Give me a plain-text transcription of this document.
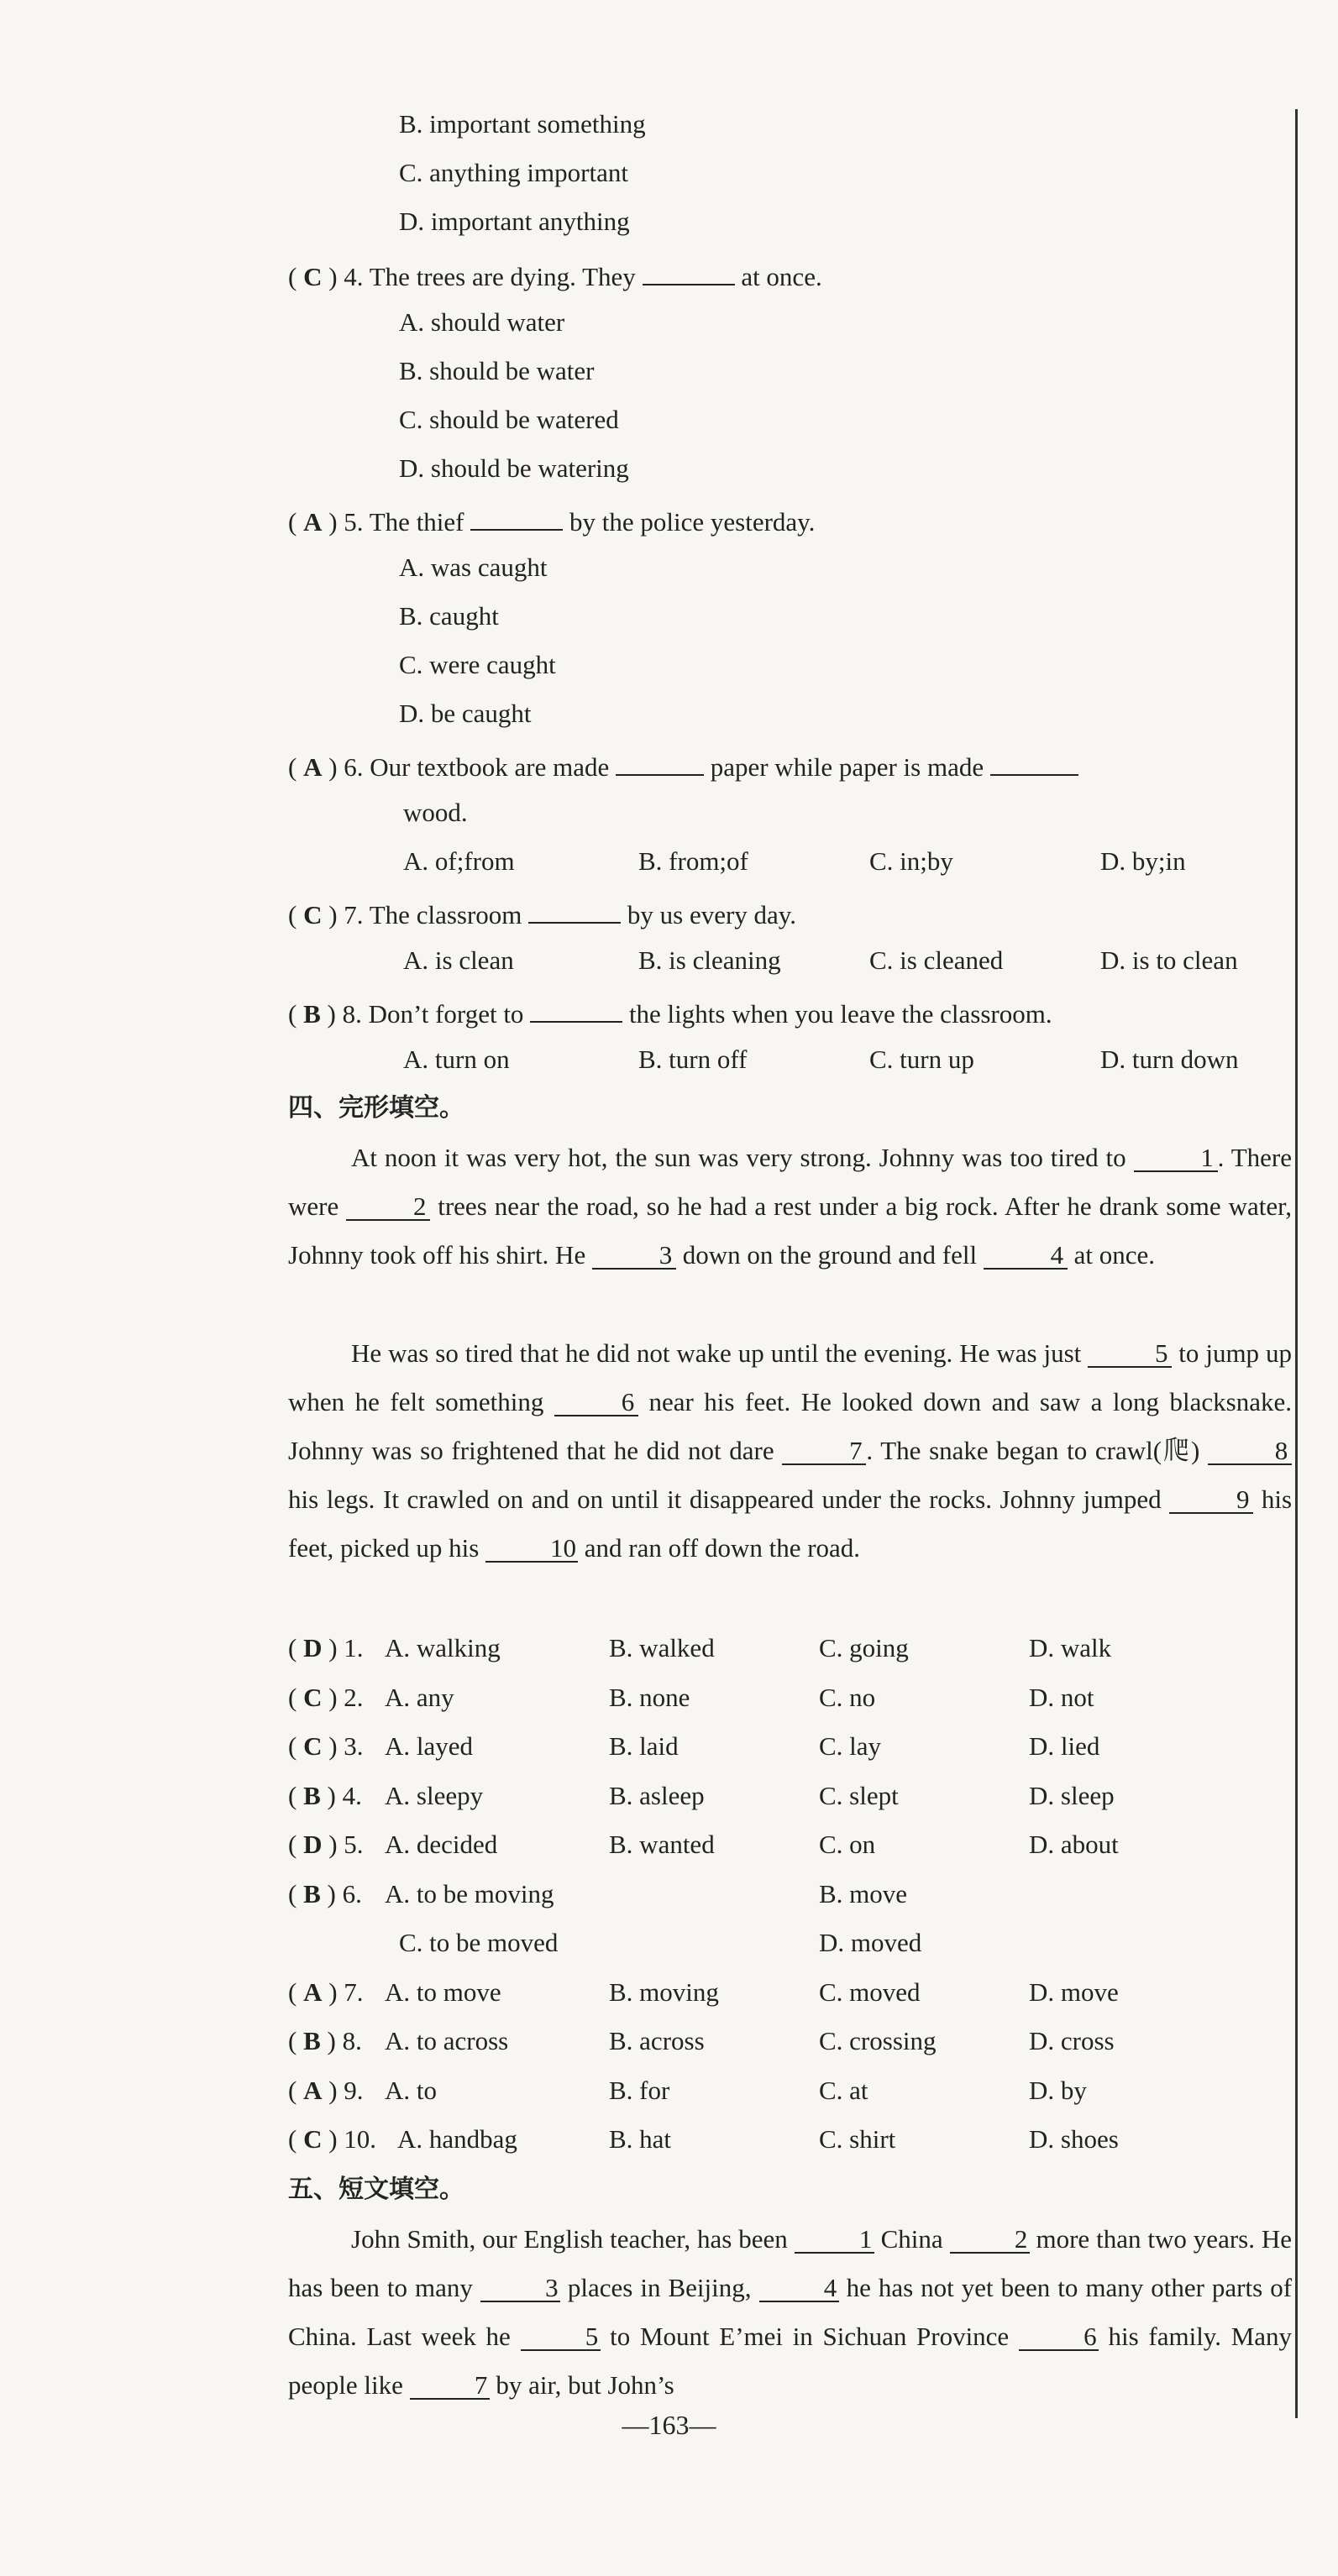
B. important something
C. anything important
D. important anything
( C ) 4. The trees are dying. They	at once.
A. should water
B. should be water
C. should be watered
D. should be watering
( A ) 5. The thief	by the police yesterday.
A. was caught
B. caught
C. were caught
D. be caught
( A ) 6. Our textbook are made	paper while paper is made
wood.
A. of;from	B. from;of	C. in;by	D. by;in
( C ) 7. The classroom	by us every day.
A. is clean	B. is cleaning	C. is cleaned	D. is to clean
( B ) 8. Don’t forget to	the lights when you leave the classroom.
A. turn on	B. turn off	C. turn up	D. turn down
四、完形填空。
At noon it was very hot, the sun was very strong. Johnny was too tired to	1 . There were	2 trees near the road, so he had a rest under a big rock. After he drank some water, Johnny took off his shirt. He	3 down on the ground and fell	4 at once.
He was so tired that he did not wake up until the evening. He was just	5 to jump up when he felt something	6 near his feet. He looked down and saw a long blacksnake. Johnny was so frightened that he did not dare	7 . The snake began to crawl(爬)	8 his legs. It crawled on and on until it disappeared under the rocks. Johnny jumped	9 his feet, picked up his	10 and ran off down the road.
( D ) 1. A. walking	B. walked	C. going	D. walk
( C ) 2. A. any	B. none	C. no	D. not
( C ) 3. A. layed	B. laid	C. lay	D. lied
( B ) 4. A. sleepy	B. asleep	C. slept	D. sleep
( D ) 5. A. decided	B. wanted	C. on	D. about
( B ) 6. A. to be moving	B. move
C. to be moved	D. moved
( A ) 7. A. to move	B. moving	C. moved	D. move
( B ) 8. A. to across	B. across	C. crossing	D. cross
( A ) 9. A. to	B. for	C. at	D. by
( C ) 10. A. handbag	B. hat	C. shirt	D. shoes
五、短文填空。
John Smith, our English teacher, has been	1 China	2 more than two years. He has been to many	3 places in Beijing,	4 he has not yet been to many other parts of China. Last week he	5 to Mount E’mei in Sichuan Province	6 his family. Many people like	7 by air, but John’s
—163—
